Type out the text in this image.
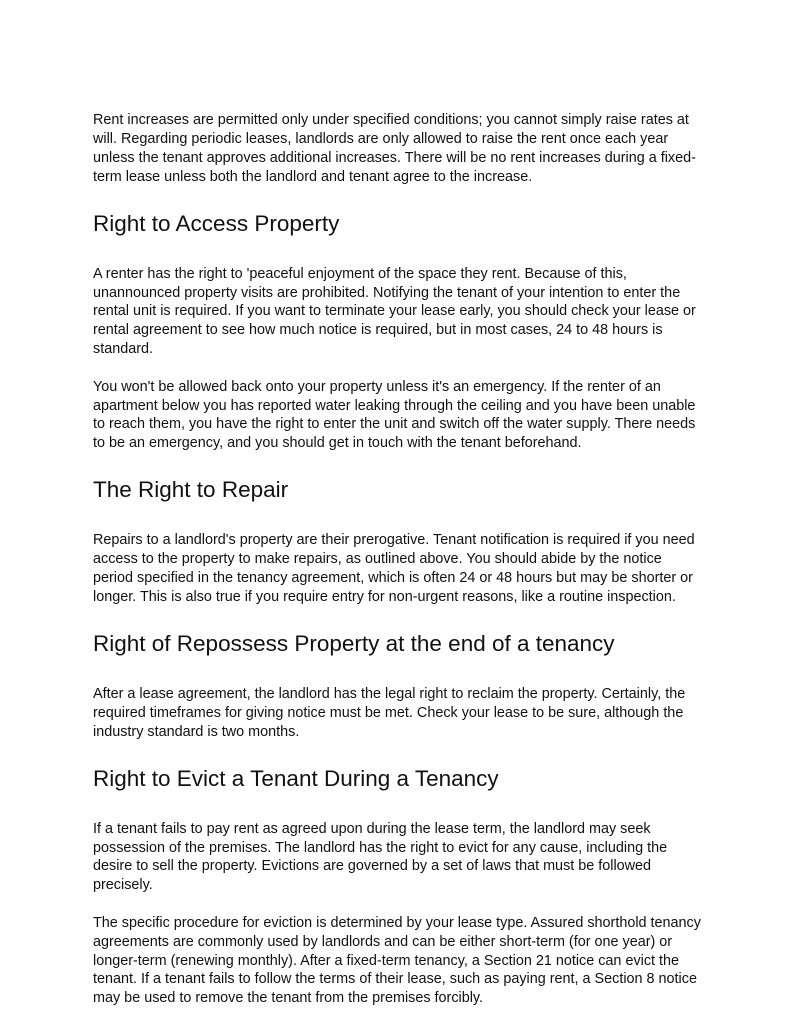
Rent increases are permitted only under specified conditions; you cannot simply raise rates at will. Regarding periodic leases, landlords are only allowed to raise the rent once each year unless the tenant approves additional increases. There will be no rent increases during a fixed-term lease unless both the landlord and tenant agree to the increase.

Right to Access Property

A renter has the right to 'peaceful enjoyment of the space they rent. Because of this, unannounced property visits are prohibited. Notifying the tenant of your intention to enter the rental unit is required. If you want to terminate your lease early, you should check your lease or rental agreement to see how much notice is required, but in most cases, 24 to 48 hours is standard.

You won't be allowed back onto your property unless it's an emergency. If the renter of an apartment below you has reported water leaking through the ceiling and you have been unable to reach them, you have the right to enter the unit and switch off the water supply. There needs to be an emergency, and you should get in touch with the tenant beforehand.

The Right to Repair

Repairs to a landlord's property are their prerogative. Tenant notification is required if you need access to the property to make repairs, as outlined above. You should abide by the notice period specified in the tenancy agreement, which is often 24 or 48 hours but may be shorter or longer. This is also true if you require entry for non-urgent reasons, like a routine inspection.

Right of Repossess Property at the end of a tenancy

After a lease agreement, the landlord has the legal right to reclaim the property. Certainly, the required timeframes for giving notice must be met. Check your lease to be sure, although the industry standard is two months.

Right to Evict a Tenant During a Tenancy

If a tenant fails to pay rent as agreed upon during the lease term, the landlord may seek possession of the premises. The landlord has the right to evict for any cause, including the desire to sell the property. Evictions are governed by a set of laws that must be followed precisely.

The specific procedure for eviction is determined by your lease type. Assured shorthold tenancy agreements are commonly used by landlords and can be either short-term (for one year) or longer-term (renewing monthly). After a fixed-term tenancy, a Section 21 notice can evict the tenant. If a tenant fails to follow the terms of their lease, such as paying rent, a Section 8 notice may be used to remove the tenant from the premises forcibly.
